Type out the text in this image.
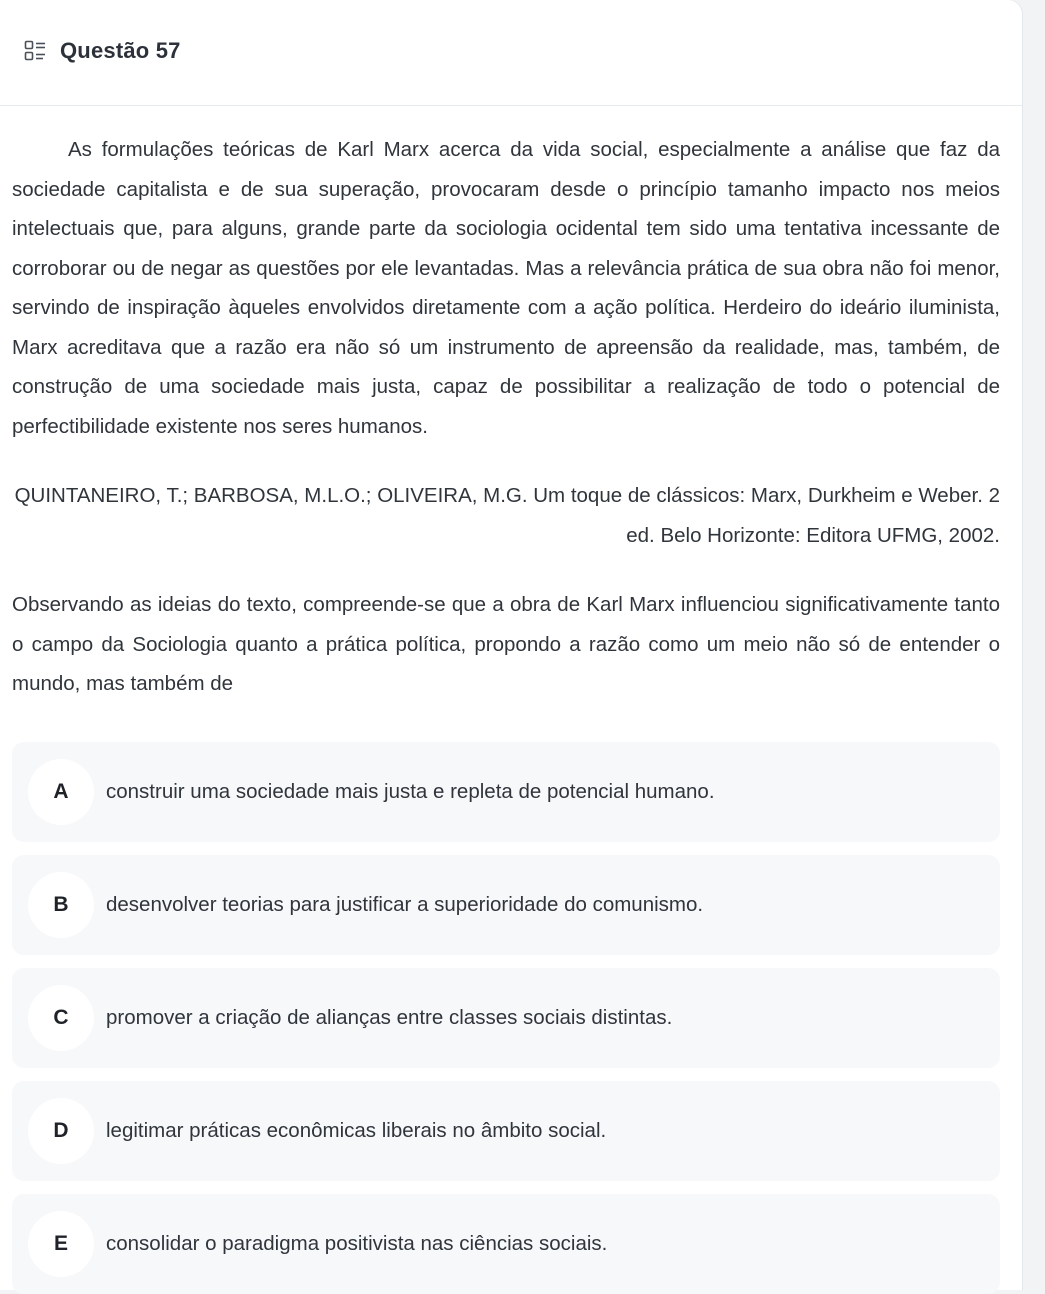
Questão 57

As formulações teóricas de Karl Marx acerca da vida social, especialmente a análise que faz da sociedade capitalista e de sua superação, provocaram desde o princípio tamanho impacto nos meios intelectuais que, para alguns, grande parte da sociologia ocidental tem sido uma tentativa incessante de corroborar ou de negar as questões por ele levantadas. Mas a relevância prática de sua obra não foi menor, servindo de inspiração àqueles envolvidos diretamente com a ação política. Herdeiro do ideário iluminista, Marx acreditava que a razão era não só um instrumento de apreensão da realidade, mas, também, de construção de uma sociedade mais justa, capaz de possibilitar a realização de todo o potencial de perfectibilidade existente nos seres humanos.

QUINTANEIRO, T.; BARBOSA, M.L.O.; OLIVEIRA, M.G. Um toque de clássicos: Marx, Durkheim e Weber. 2 ed. Belo Horizonte: Editora UFMG, 2002.

Observando as ideias do texto, compreende-se que a obra de Karl Marx influenciou significativamente tanto o campo da Sociologia quanto a prática política, propondo a razão como um meio não só de entender o mundo, mas também de

A	construir uma sociedade mais justa e repleta de potencial humano.
B	desenvolver teorias para justificar a superioridade do comunismo.
C	promover a criação de alianças entre classes sociais distintas.
D	legitimar práticas econômicas liberais no âmbito social.
E	consolidar o paradigma positivista nas ciências sociais.
